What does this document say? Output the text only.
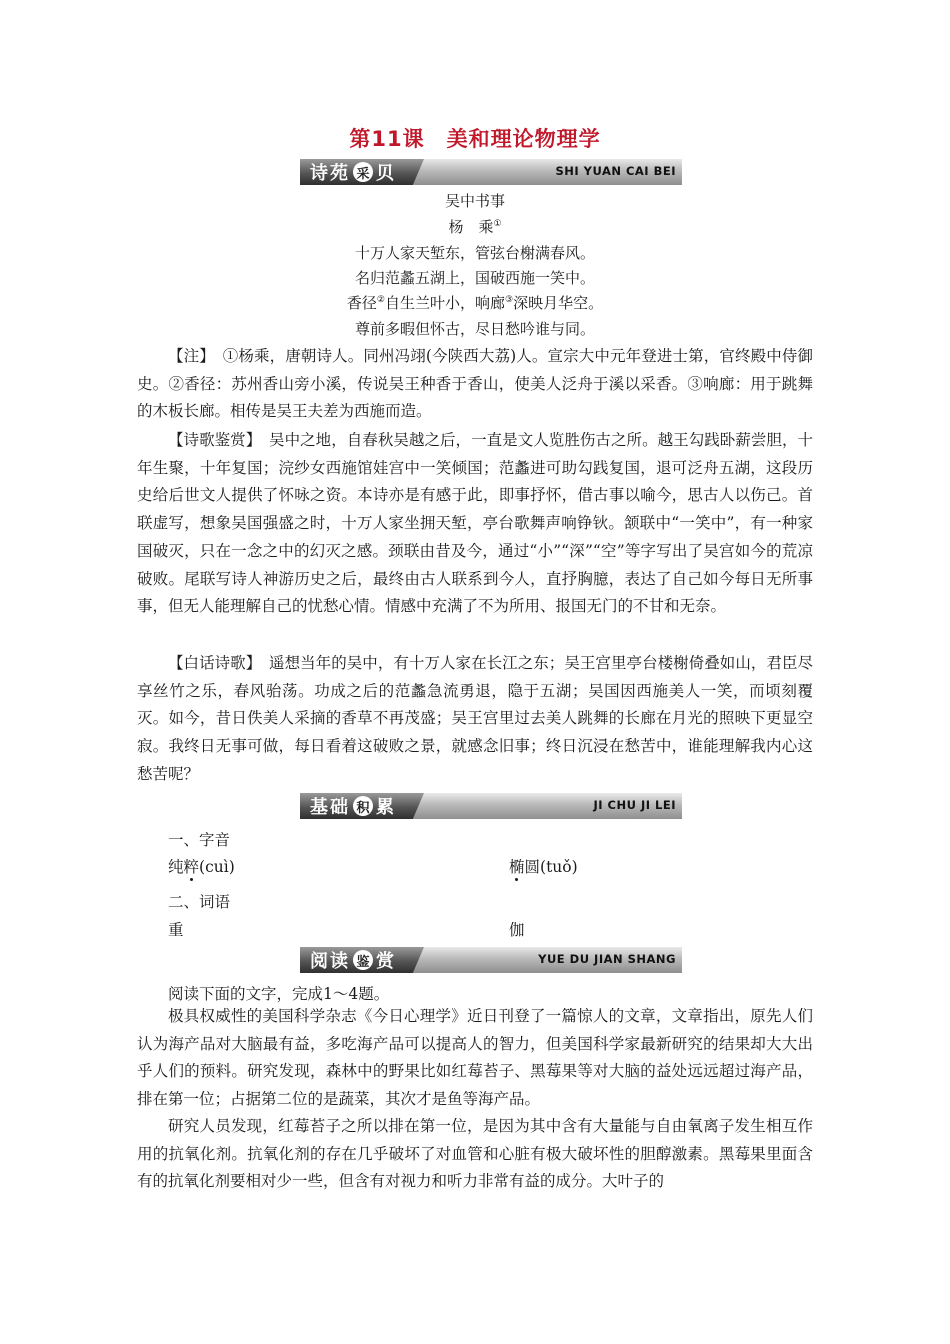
第11课　美和理论物理学
诗苑 采 贝	SHI YUAN CAI BEI
吴中书事
杨　乘①
十万人家天堑东，管弦台榭满春风。
名归范蠡五湖上，国破西施一笑中。
香径②自生兰叶小，响廊③深映月华空。
尊前多暇但怀古，尽日愁吟谁与同。

【注】　①杨乘，唐朝诗人。同州冯翊(今陕西大荔)人。宣宗大中元年登进士第，官终殿中侍御史。②香径：苏州香山旁小溪，传说吴王种香于香山，使美人泛舟于溪以采香。③响廊：用于跳舞的木板长廊。相传是吴王夫差为西施而造。

【诗歌鉴赏】　吴中之地，自春秋吴越之后，一直是文人览胜伤古之所。越王勾践卧薪尝胆，十年生聚，十年复国；浣纱女西施馆娃宫中一笑倾国；范蠡进可助勾践复国，退可泛舟五湖，这段历史给后世文人提供了怀咏之资。本诗亦是有感于此，即事抒怀，借古事以喻今，思古人以伤己。首联虚写，想象吴国强盛之时，十万人家坐拥天堑，亭台歌舞声响铮钬。颔联中“一笑中”，有一种家国破灭，只在一念之中的幻灭之感。颈联由昔及今，通过“小”“深”“空”等字写出了吴宫如今的荒凉破败。尾联写诗人神游历史之后，最终由古人联系到今人，直抒胸臆，表达了自己如今每日无所事事，但无人能理解自己的忧愁心情。情感中充满了不为所用、报国无门的不甘和无奈。

【白话诗歌】　遥想当年的吴中，有十万人家在长江之东；吴王宫里亭台楼榭倚叠如山，君臣尽享丝竹之乐，春风骀荡。功成之后的范蠡急流勇退，隐于五湖；吴国因西施美人一笑，而顷刻覆灭。如今，昔日佚美人采摘的香草不再茂盛；吴王宫里过去美人跳舞的长廊在月光的照映下更显空寂。我终日无事可做，每日看着这破败之景，就感念旧事；终日沉浸在愁苦中，谁能理解我内心这愁苦呢？

基础 积 累	JI CHU JI LEI
一、字音
纯粹(cuì)	椭圆(tuǒ)
二、词语
重	伽
阅读 鉴 赏	YUE DU JIAN SHANG
阅读下面的文字，完成1～4题。

极具权威性的美国科学杂志《今日心理学》近日刊登了一篇惊人的文章，文章指出，原先人们认为海产品对大脑最有益，多吃海产品可以提高人的智力，但美国科学家最新研究的结果却大大出乎人们的预料。研究发现，森林中的野果比如红莓苔子、黑莓果等对大脑的益处远远超过海产品，排在第一位；占据第二位的是蔬菜，其次才是鱼等海产品。

研究人员发现，红莓苔子之所以排在第一位，是因为其中含有大量能与自由氧离子发生相互作用的抗氧化剂。抗氧化剂的存在几乎破坏了对血管和心脏有极大破坏性的胆醇激素。黑莓果里面含有的抗氧化剂要相对少一些，但含有对视力和听力非常有益的成分。大叶子的
